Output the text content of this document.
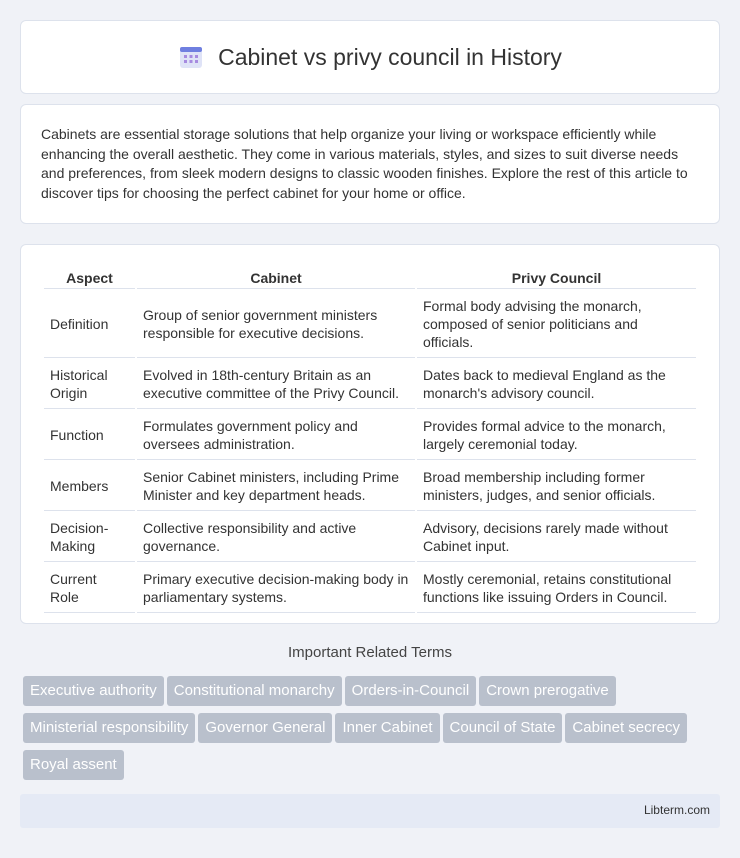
Cabinet vs privy council in History

Cabinets are essential storage solutions that help organize your living or workspace efficiently while enhancing the overall aesthetic. They come in various materials, styles, and sizes to suit diverse needs and preferences, from sleek modern designs to classic wooden finishes. Explore the rest of this article to discover tips for choosing the perfect cabinet for your home or office.

Aspect	Cabinet	Privy Council
Definition	Group of senior government ministers responsible for executive decisions.	Formal body advising the monarch, composed of senior politicians and officials.
Historical Origin	Evolved in 18th-century Britain as an executive committee of the Privy Council.	Dates back to medieval England as the monarch's advisory council.
Function	Formulates government policy and oversees administration.	Provides formal advice to the monarch, largely ceremonial today.
Members	Senior Cabinet ministers, including Prime Minister and key department heads.	Broad membership including former ministers, judges, and senior officials.
Decision-Making	Collective responsibility and active governance.	Advisory, decisions rarely made without Cabinet input.
Current Role	Primary executive decision-making body in parliamentary systems.	Mostly ceremonial, retains constitutional functions like issuing Orders in Council.
Important Related Terms
Executive authority Constitutional monarchy Orders-in-Council Crown prerogativeMinisterial responsibility Governor General Inner Cabinet Council of State Cabinet secrecyRoyal assent
Libterm.com
